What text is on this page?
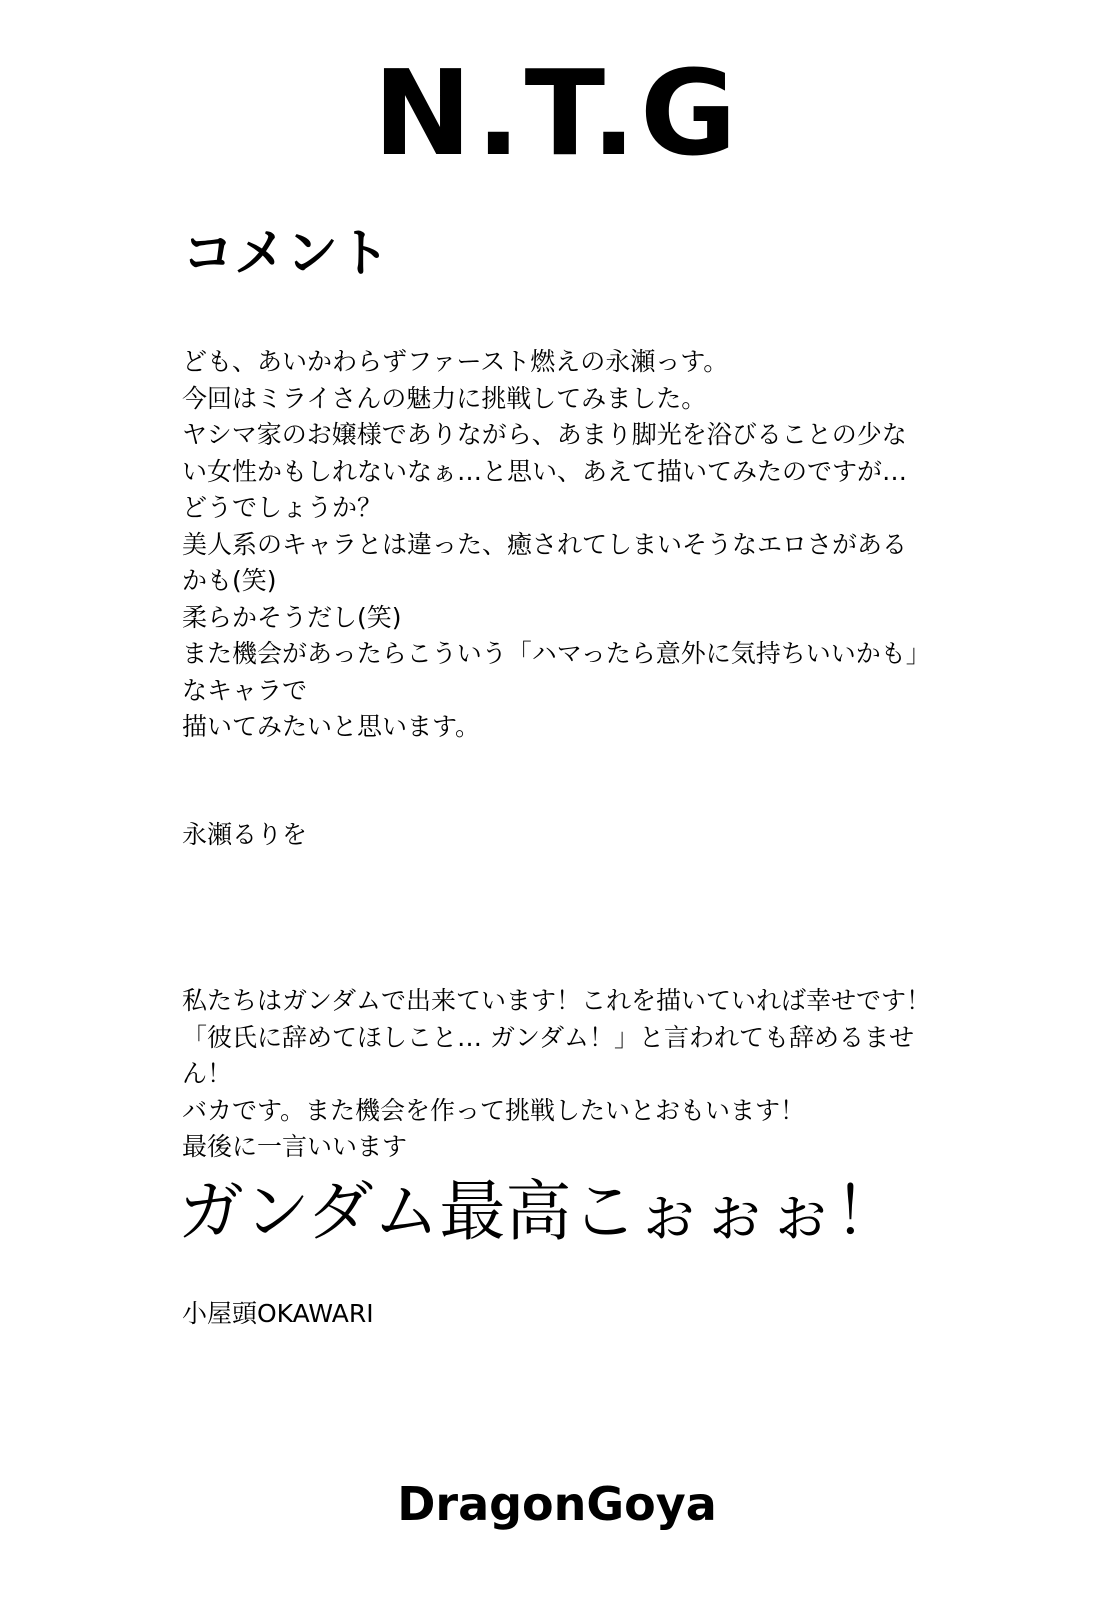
N.T.G
コメント
ども、あいかわらずファースト燃えの永瀬っす。
今回はミライさんの魅力に挑戦してみました。
ヤシマ家のお嬢様でありながら、あまり脚光を浴びることの少な
い女性かもしれないなぁ…と思い、あえて描いてみたのですが…
どうでしょうか？
美人系のキャラとは違った、癒されてしまいそうなエロさがある
かも(笑)
柔らかそうだし(笑)
また機会があったらこういう「ハマったら意外に気持ちいいかも」
なキャラで
描いてみたいと思います。
永瀬るりを
私たちはガンダムで出来ています！これを描いていれば幸せです！
「彼氏に辞めてほしこと… ガンダム！」と言われても辞めるませ
ん！
バカです。また機会を作って挑戦したいとおもいます！
最後に一言いいます
ガンダム最高こぉぉぉ！
小屋頭OKAWARI
DragonGoya
